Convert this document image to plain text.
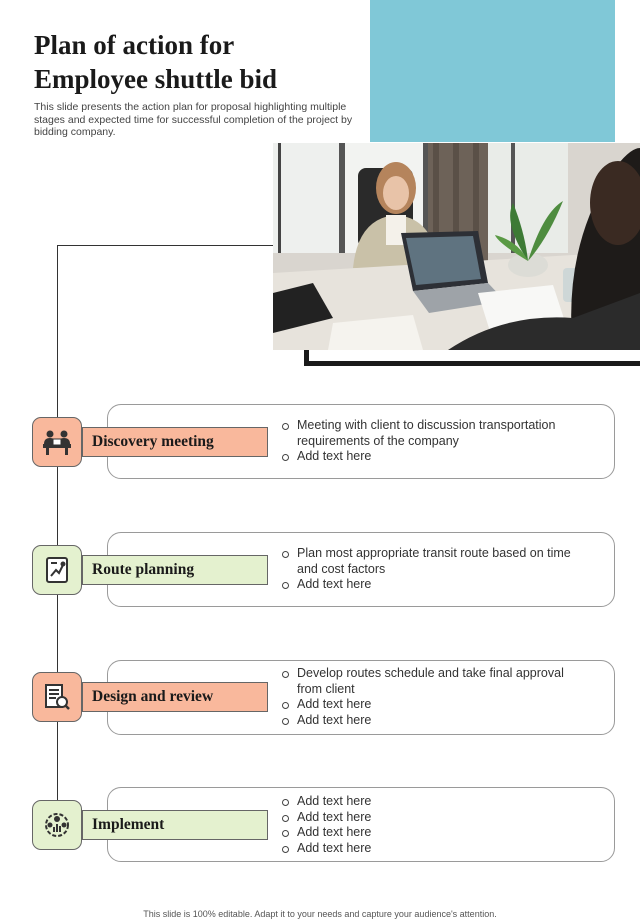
Plan of action for Employee shuttle bid

This slide presents the action plan for proposal highlighting multiple stages and expected time for successful completion of the project by bidding company.

Discovery meeting
Meeting with client to discussion transportation requirements of the company
Add text here
Route planning
Plan most appropriate transit route based on time and cost factors
Add text here
Design and review
Develop routes schedule and take final approval from client
Add text here
Add text here
Implement
Add text here
Add text here
Add text here
Add text here
This slide is 100% editable. Adapt it to your needs and capture your audience's attention.
